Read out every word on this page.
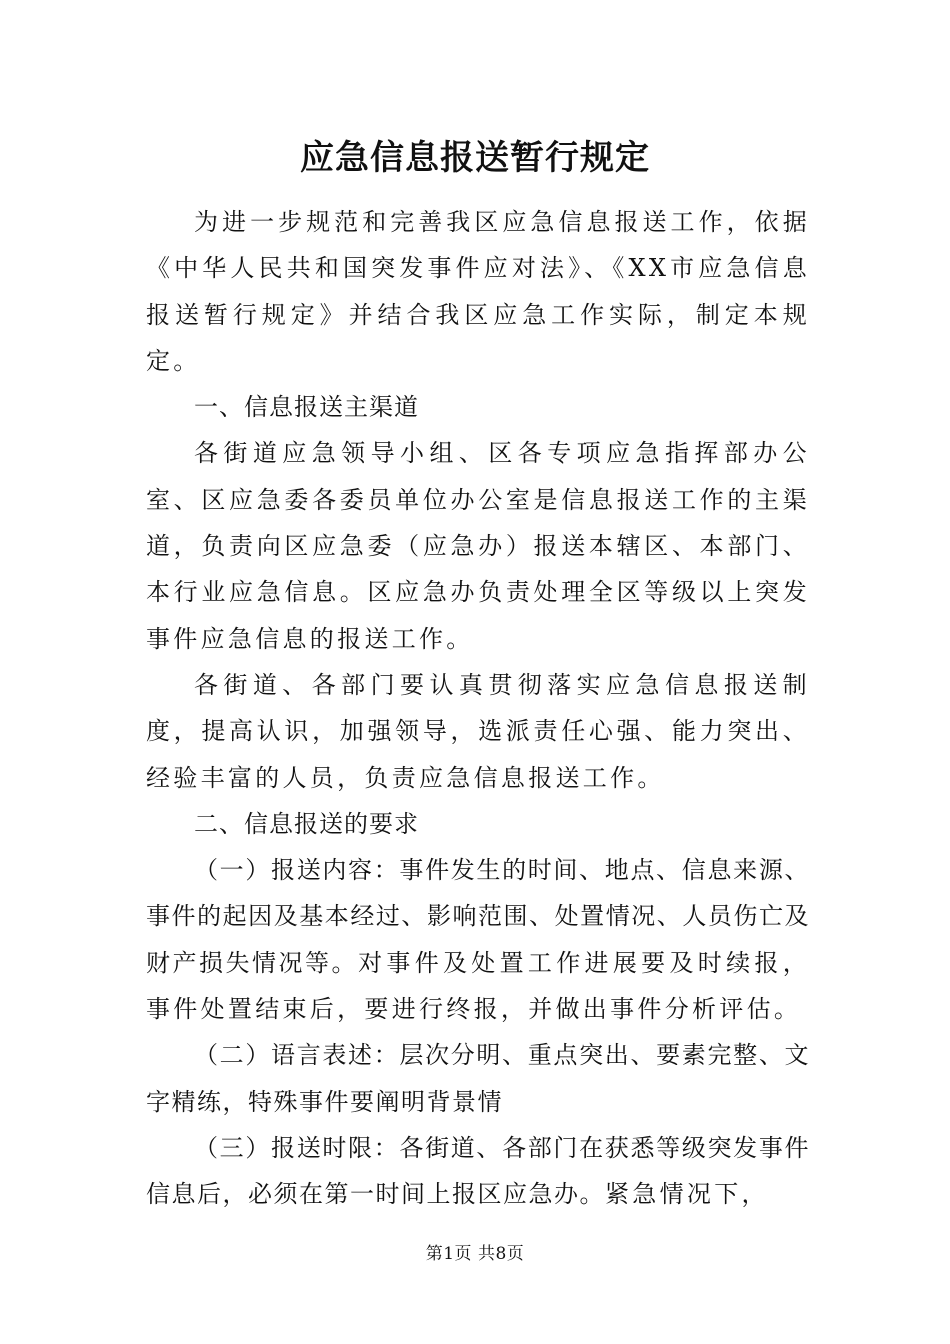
应急信息报送暂行规定

为进一步规范和完善我区应急信息报送工作，依据《中华人民共和国突发事件应对法》、《XX市应急信息报送暂行规定》并结合我区应急工作实际，制定本规定。

一、信息报送主渠道

各街道应急领导小组、区各专项应急指挥部办公室、区应急委各委员单位办公室是信息报送工作的主渠道，负责向区应急委（应急办）报送本辖区、本部门、本行业应急信息。区应急办负责处理全区等级以上突发事件应急信息的报送工作。

各街道、各部门要认真贯彻落实应急信息报送制度，提高认识，加强领导，选派责任心强、能力突出、经验丰富的人员，负责应急信息报送工作。

二、信息报送的要求

（一）报送内容：事件发生的时间、地点、信息来源、事件的起因及基本经过、影响范围、处置情况、人员伤亡及财产损失情况等。对事件及处置工作进展要及时续报，事件处置结束后，要进行终报，并做出事件分析评估。

（二）语言表述：层次分明、重点突出、要素完整、文字精练，特殊事件要阐明背景情

（三）报送时限：各街道、各部门在获悉等级突发事件信息后，必须在第一时间上报区应急办。紧急情况下，

第1页 共8页
